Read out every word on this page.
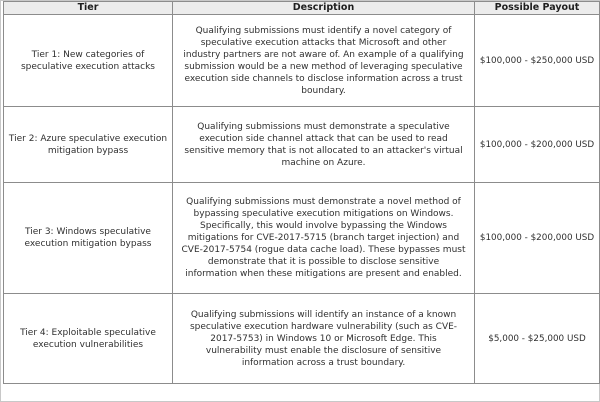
Tier	Description	Possible Payout
Tier 1: New categories of speculative execution attacks	Qualifying submissions must identify a novel category of speculative execution attacks that Microsoft and other industry partners are not aware of. An example of a qualifying submission would be a new method of leveraging speculative execution side channels to disclose information across a trust boundary.	$100,000 - $250,000 USD
Tier 2: Azure speculative execution mitigation bypass	Qualifying submissions must demonstrate a speculative execution side channel attack that can be used to read sensitive memory that is not allocated to an attacker's virtual machine on Azure.	$100,000 - $200,000 USD
Tier 3: Windows speculative execution mitigation bypass	Qualifying submissions must demonstrate a novel method of bypassing speculative execution mitigations on Windows. Specifically, this would involve bypassing the Windows mitigations for CVE-2017-5715 (branch target injection) and CVE-2017-5754 (rogue data cache load). These bypasses must demonstrate that it is possible to disclose sensitive information when these mitigations are present and enabled.	$100,000 - $200,000 USD
Tier 4: Exploitable speculative execution vulnerabilities	Qualifying submissions will identify an instance of a known speculative execution hardware vulnerability (such as CVE-2017-5753) in Windows 10 or Microsoft Edge. This vulnerability must enable the disclosure of sensitive information across a trust boundary.	$5,000 - $25,000 USD
